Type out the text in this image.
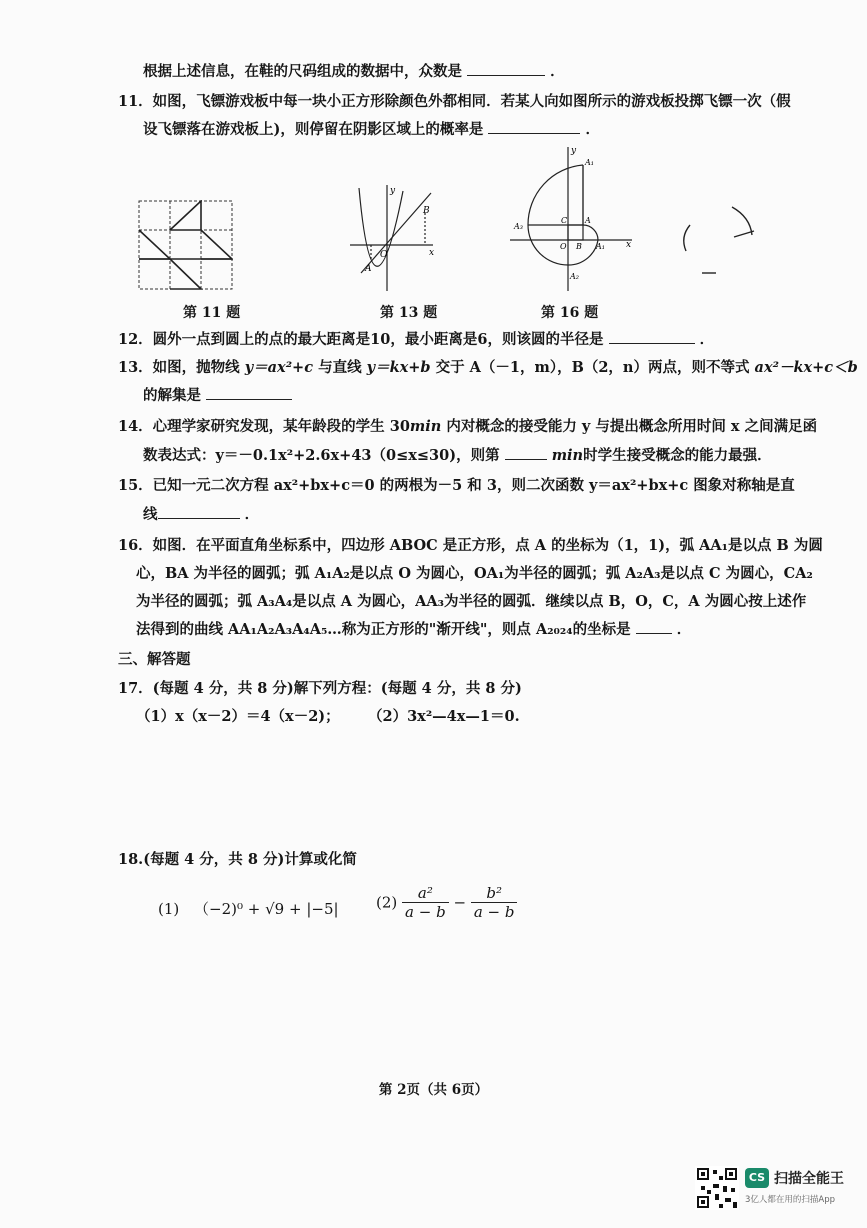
根据上述信息，在鞋的尺码组成的数据中，众数是	．
11．如图，飞镖游戏板中每一块小正方形除颜色外都相同．若某人向如图所示的游戏板投掷飞镖一次（假
设飞镖落在游戏板上)，则停留在阴影区域上的概率是	．
B
A
O	x
y
y
A₁
C A
A₃
O B A₁
A₂
x
第 11 题	第 13 题	第 16 题
12．圆外一点到圆上的点的最大距离是10，最小距离是6，则该圆的半径是	．
13．如图，抛物线 y＝ax²+c 与直线 y＝kx+b 交于 A（－1，m），B（2，n）两点，则不等式 ax²－kx+c＜b
的解集是
14．心理学家研究发现，某年龄段的学生 30min 内对概念的接受能力 y 与提出概念所用时间 x 之间满足函
数表达式：y＝－0.1x²+2.6x+43（0≤x≤30)，则第	min时学生接受概念的能力最强．
15．已知一元二次方程 ax²+bx+c＝0 的两根为－5 和 3，则二次函数 y＝ax²+bx+c 图象对称轴是直
线	．
16．如图．在平面直角坐标系中，四边形 ABOC 是正方形，点 A 的坐标为（1，1)，弧 AA₁是以点 B 为圆
心，BA 为半径的圆弧；弧 A₁A₂是以点 O 为圆心，OA₁为半径的圆弧；弧 A₂A₃是以点 C 为圆心，CA₂
为半径的圆弧；弧 A₃A₄是以点 A 为圆心，AA₃为半径的圆弧．继续以点 B，O，C，A 为圆心按上述作
法得到的曲线 AA₁A₂A₃A₄A₅…称为正方形的"渐开线"，则点 A₂₀₂₄的坐标是	．
三、解答题
17．(每题 4 分，共 8 分)解下列方程：(每题 4 分，共 8 分)
（1）x（x－2）＝4（x－2)； （2）3x²—4x—1＝0.
18.(每题 4 分，共 8 分)计算或化简
(1) （−2)⁰ + √9 + |−5| $(2) \frac{\text{a²}}{a - b} - \frac{\text{b²}}{a - b}$
第 2页（共 6页）
CS 扫描全能王
3亿人都在用的扫描App
